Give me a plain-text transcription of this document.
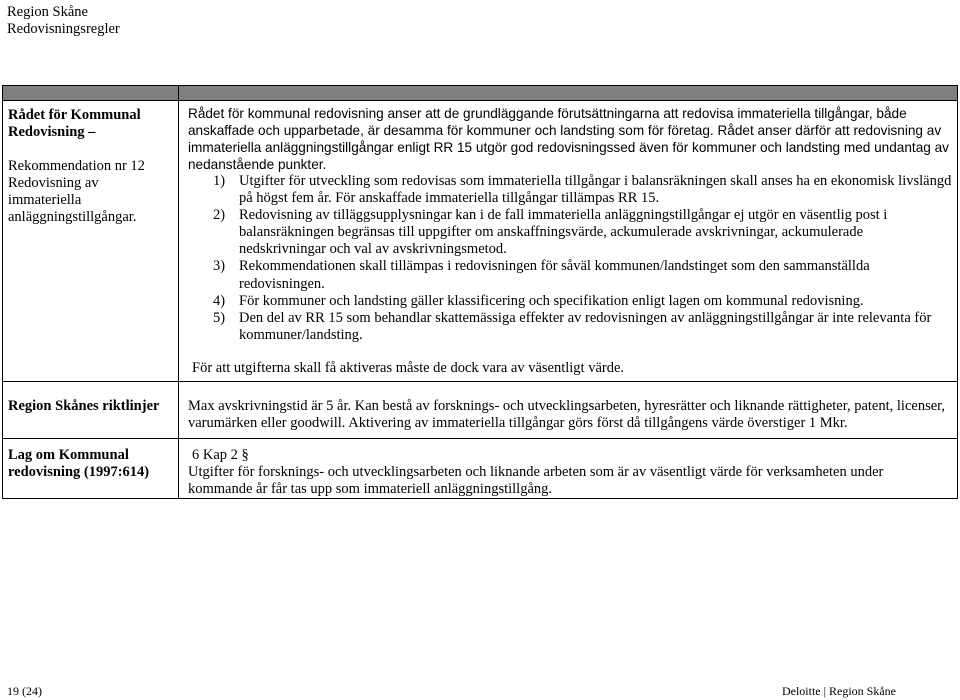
Region Skåne
Redovisningsregler
Rådet för Kommunal Redovisning –
Rekommendation nr 12 Redovisning av immateriella anläggningstillgångar.
Rådet för kommunal redovisning anser att de grundläggande förutsättningarna att redovisa immateriella tillgångar, både anskaffade och upparbetade, är desamma för kommuner och landsting som för företag. Rådet anser därför att redovisning av immateriella anläggningstillgångar enligt RR 15 utgör god redovisningssed även för kommuner och landsting med undantag av nedanstående punkter.
1) Utgifter för utveckling som redovisas som immateriella tillgångar i balansräkningen skall anses ha en ekonomisk livslängd på högst fem år. För anskaffade immateriella tillgångar tillämpas RR 15.
2) Redovisning av tilläggsupplysningar kan i de fall immateriella anläggningstillgångar ej utgör en väsentlig post i balansräkningen begränsas till uppgifter om anskaffningsvärde, ackumulerade avskrivningar, ackumulerade nedskrivningar och val av avskrivningsmetod.
3) Rekommendationen skall tillämpas i redovisningen för såväl kommunen/landstinget som den sammanställda redovisningen.
4) För kommuner och landsting gäller klassificering och specifikation enligt lagen om kommunal redovisning.
5) Den del av RR 15 som behandlar skattemässiga effekter av redovisningen av anläggningstillgångar är inte relevanta för kommuner/landsting.
För att utgifterna skall få aktiveras måste de dock vara av väsentligt värde.
Region Skånes riktlinjer	Max avskrivningstid är 5 år. Kan bestå av forsknings- och utvecklingsarbeten, hyresrätter och liknande rättigheter, patent, licenser, varumärken eller goodwill. Aktivering av immateriella tillgångar görs först då tillgångens värde överstiger 1 Mkr.
Lag om Kommunal redovisning (1997:614)
6 Kap 2 §
Utgifter för forsknings- och utvecklingsarbeten och liknande arbeten som är av väsentligt värde för verksamheten under kommande år får tas upp som immateriell anläggningstillgång.
19 (24)	Deloitte | Region Skåne
